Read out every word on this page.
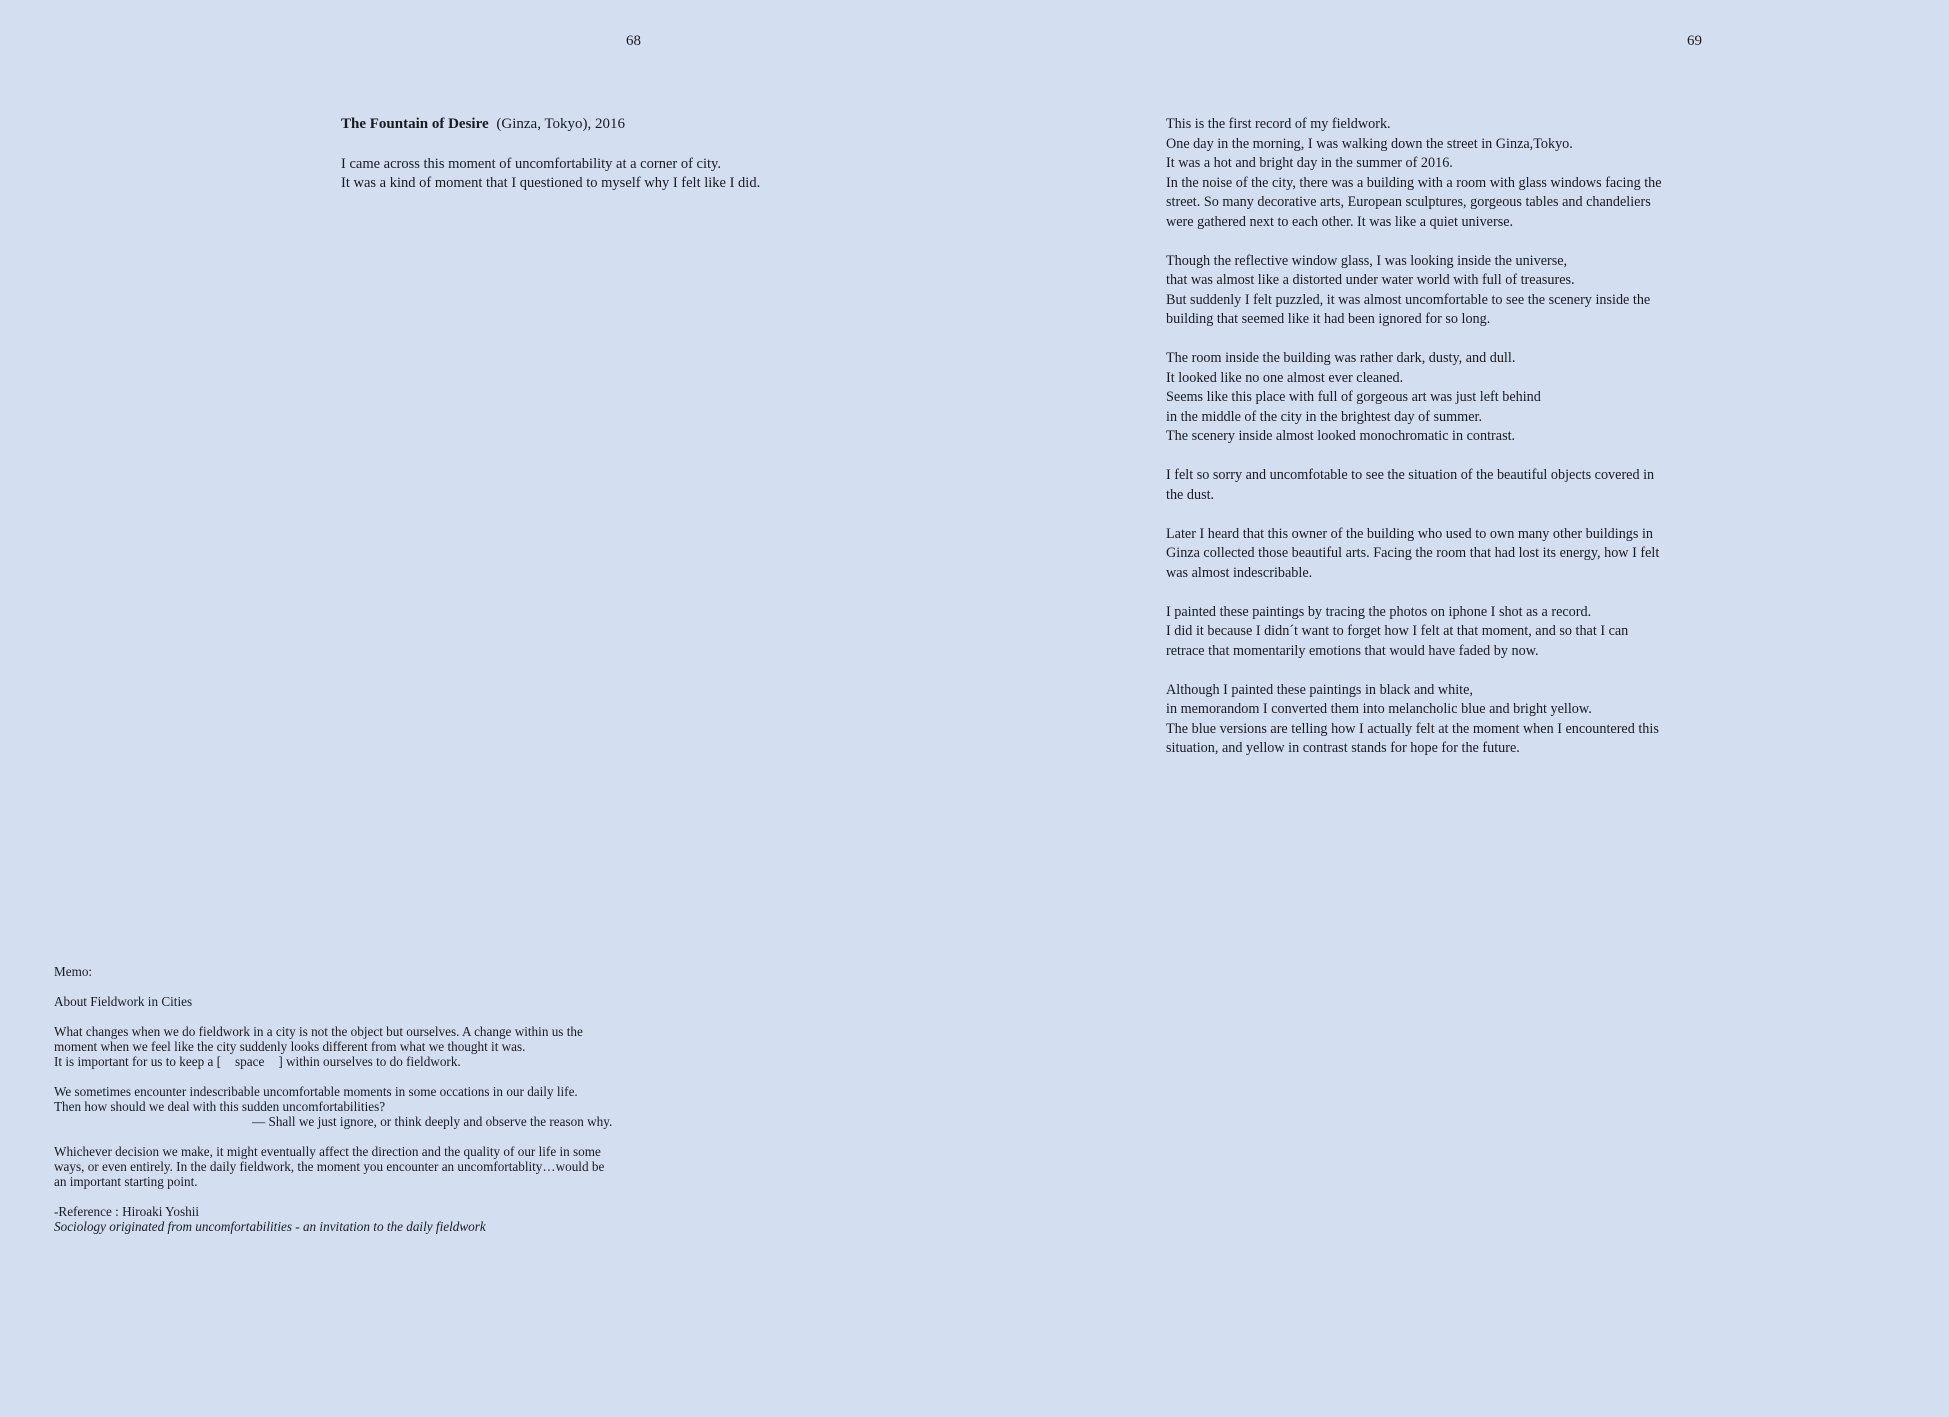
68	69
The Fountain of Desire (Ginza, Tokyo), 2016
I came across this moment of uncomfortability at a corner of city.
It was a kind of moment that I questioned to myself why I felt like I did.
This is the first record of my fieldwork.
One day in the morning, I was walking down the street in Ginza,Tokyo.
It was a hot and bright day in the summer of 2016.
In the noise of the city, there was a building with a room with glass windows facing the
street. So many decorative arts, European sculptures, gorgeous tables and chandeliers
were gathered next to each other. It was like a quiet universe.
Though the reflective window glass, I was looking inside the universe,
that was almost like a distorted under water world with full of treasures.
But suddenly I felt puzzled, it was almost uncomfortable to see the scenery inside the
building that seemed like it had been ignored for so long.
The room inside the building was rather dark, dusty, and dull.
It looked like no one almost ever cleaned.
Seems like this place with full of gorgeous art was just left behind
in the middle of the city in the brightest day of summer.
The scenery inside almost looked monochromatic in contrast.
I felt so sorry and uncomfotable to see the situation of the beautiful objects covered in
the dust.
Later I heard that this owner of the building who used to own many other buildings in
Ginza collected those beautiful arts. Facing the room that had lost its energy, how I felt
was almost indescribable.
I painted these paintings by tracing the photos on iphone I shot as a record.
I did it because I didn´t want to forget how I felt at that moment, and so that I can
retrace that momentarily emotions that would have faded by now.
Although I painted these paintings in black and white,
in memorandom I converted them into melancholic blue and bright yellow.
The blue versions are telling how I actually felt at the moment when I encountered this
situation, and yellow in contrast stands for hope for the future.
Memo:
About Fieldwork in Cities
What changes when we do fieldwork in a city is not the object but ourselves. A change within us the
moment when we feel like the city suddenly looks different from what we thought it was.
It is important for us to keep a [ space ] within ourselves to do fieldwork.
We sometimes encounter indescribable uncomfortable moments in some occations in our daily life.
Then how should we deal with this sudden uncomfortabilities?
— Shall we just ignore, or think deeply and observe the reason why.
Whichever decision we make, it might eventually affect the direction and the quality of our life in some
ways, or even entirely. In the daily fieldwork, the moment you encounter an uncomfortablity…would be
an important starting point.
-Reference : Hiroaki Yoshii
Sociology originated from uncomfortabilities - an invitation to the daily fieldwork
